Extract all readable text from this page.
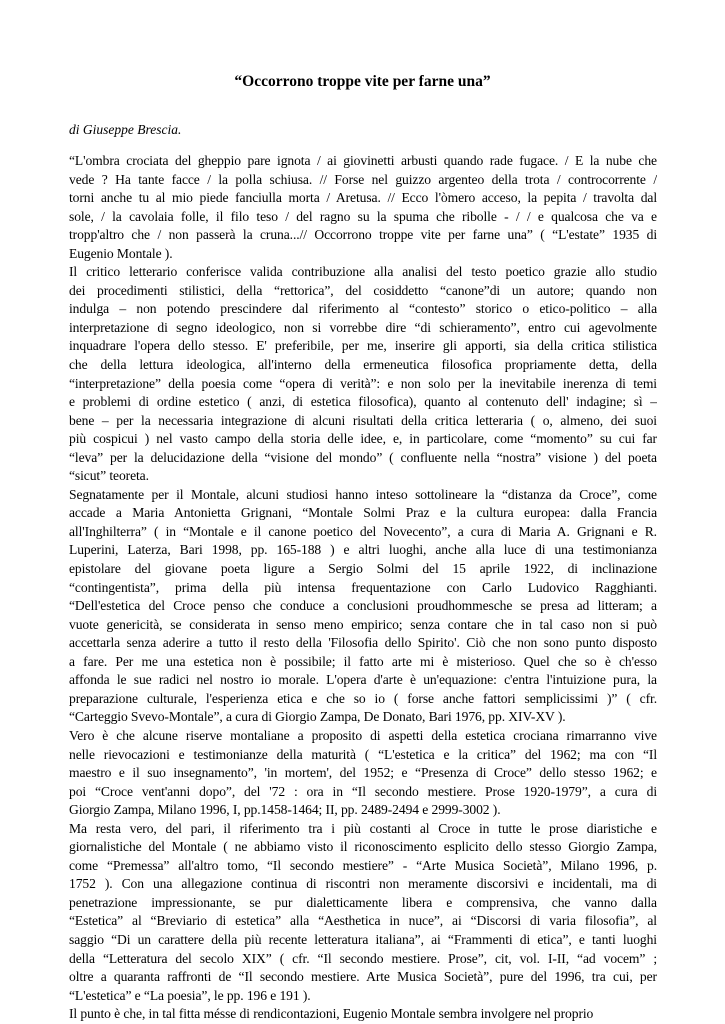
“Occorrono troppe vite per farne una”

di Giuseppe Brescia.

“L'ombra crociata del gheppio pare ignota / ai giovinetti arbusti quando rade fugace. / E la nube che
vede ? Ha tante facce / la polla schiusa. // Forse nel guizzo argenteo della trota / controcorrente /
torni anche tu al mio piede fanciulla morta / Aretusa. // Ecco l'òmero acceso, la pepita / travolta dal
sole, / la cavolaia folle, il filo teso / del ragno su la spuma che ribolle - / / e qualcosa che va e
tropp'altro che / non passerà la cruna...// Occorrono troppe vite per farne una” ( “L'estate” 1935 di
Eugenio Montale ).

Il critico letterario conferisce valida contribuzione alla analisi del testo poetico grazie allo studio
dei procedimenti stilistici, della “rettorica”, del cosiddetto “canone”di un autore; quando non
indulga – non potendo prescindere dal riferimento al “contesto” storico o etico-politico – alla
interpretazione di segno ideologico, non si vorrebbe dire “di schieramento”, entro cui agevolmente
inquadrare l'opera dello stesso. E' preferibile, per me, inserire gli apporti, sia della critica stilistica
che della lettura ideologica, all'interno della ermeneutica filosofica propriamente detta, della
“interpretazione” della poesia come “opera di verità”: e non solo per la inevitabile inerenza di temi
e problemi di ordine estetico ( anzi, di estetica filosofica), quanto al contenuto dell' indagine; sì –
bene – per la necessaria integrazione di alcuni risultati della critica letteraria ( o, almeno, dei suoi
più cospicui ) nel vasto campo della storia delle idee, e, in particolare, come “momento” su cui far
“leva” per la delucidazione della “visione del mondo” ( confluente nella “nostra” visione ) del poeta
“sicut” teoreta.

Segnatamente per il Montale, alcuni studiosi hanno inteso sottolineare la “distanza da Croce”, come
accade a Maria Antonietta Grignani, “Montale Solmi Praz e la cultura europea: dalla Francia
all'Inghilterra” ( in “Montale e il canone poetico del Novecento”, a cura di Maria A. Grignani e R.
Luperini, Laterza, Bari 1998, pp. 165-188 ) e altri luoghi, anche alla luce di una testimonianza
epistolare del giovane poeta ligure a Sergio Solmi del 15 aprile 1922, di inclinazione
“contingentista”, prima della più intensa frequentazione con Carlo Ludovico Ragghianti.
“Dell'estetica del Croce penso che conduce a conclusioni proudhommesche se presa ad litteram; a
vuote genericità, se considerata in senso meno empirico; senza contare che in tal caso non si può
accettarla senza aderire a tutto il resto della 'Filosofia dello Spirito'. Ciò che non sono punto disposto
a fare. Per me una estetica non è possibile; il fatto arte mi è misterioso. Quel che so è ch'esso
affonda le sue radici nel nostro io morale. L'opera d'arte è un'equazione: c'entra l'intuizione pura, la
preparazione culturale, l'esperienza etica e che so io ( forse anche fattori semplicissimi )” ( cfr.
“Carteggio Svevo-Montale”, a cura di Giorgio Zampa, De Donato, Bari 1976, pp. XIV-XV ).

Vero è che alcune riserve montaliane a proposito di aspetti della estetica crociana rimarranno vive
nelle rievocazioni e testimonianze della maturità ( “L'estetica e la critica” del 1962; ma con “Il
maestro e il suo insegnamento”, 'in mortem', del 1952; e “Presenza di Croce” dello stesso 1962; e
poi “Croce vent'anni dopo”, del '72 : ora in “Il secondo mestiere. Prose 1920-1979”, a cura di
Giorgio Zampa, Milano 1996, I, pp.1458-1464; II, pp. 2489-2494 e 2999-3002 ).

Ma resta vero, del pari, il riferimento tra i più costanti al Croce in tutte le prose diaristiche e
giornalistiche del Montale ( ne abbiamo visto il riconoscimento esplicito dello stesso Giorgio Zampa,
come “Premessa” all'altro tomo, “Il secondo mestiere” - “Arte Musica Società”, Milano 1996, p.
1752 ). Con una allegazione continua di riscontri non meramente discorsivi e incidentali, ma di
penetrazione impressionante, se pur dialetticamente libera e comprensiva, che vanno dalla
“Estetica” al “Breviario di estetica” alla “Aesthetica in nuce”, ai “Discorsi di varia filosofia”, al
saggio “Di un carattere della più recente letteratura italiana”, ai “Frammenti di etica”, e tanti luoghi
della “Letteratura del secolo XIX” ( cfr. “Il secondo mestiere. Prose”, cit, vol. I-II, “ad vocem” ;
oltre a quaranta raffronti de “Il secondo mestiere. Arte Musica Società”, pure del 1996, tra cui, per
“L'estetica” e “La poesia”, le pp. 196 e 191 ).

Il punto è che, in tal fitta mésse di rendicontazioni, Eugenio Montale sembra involgere nel proprio
